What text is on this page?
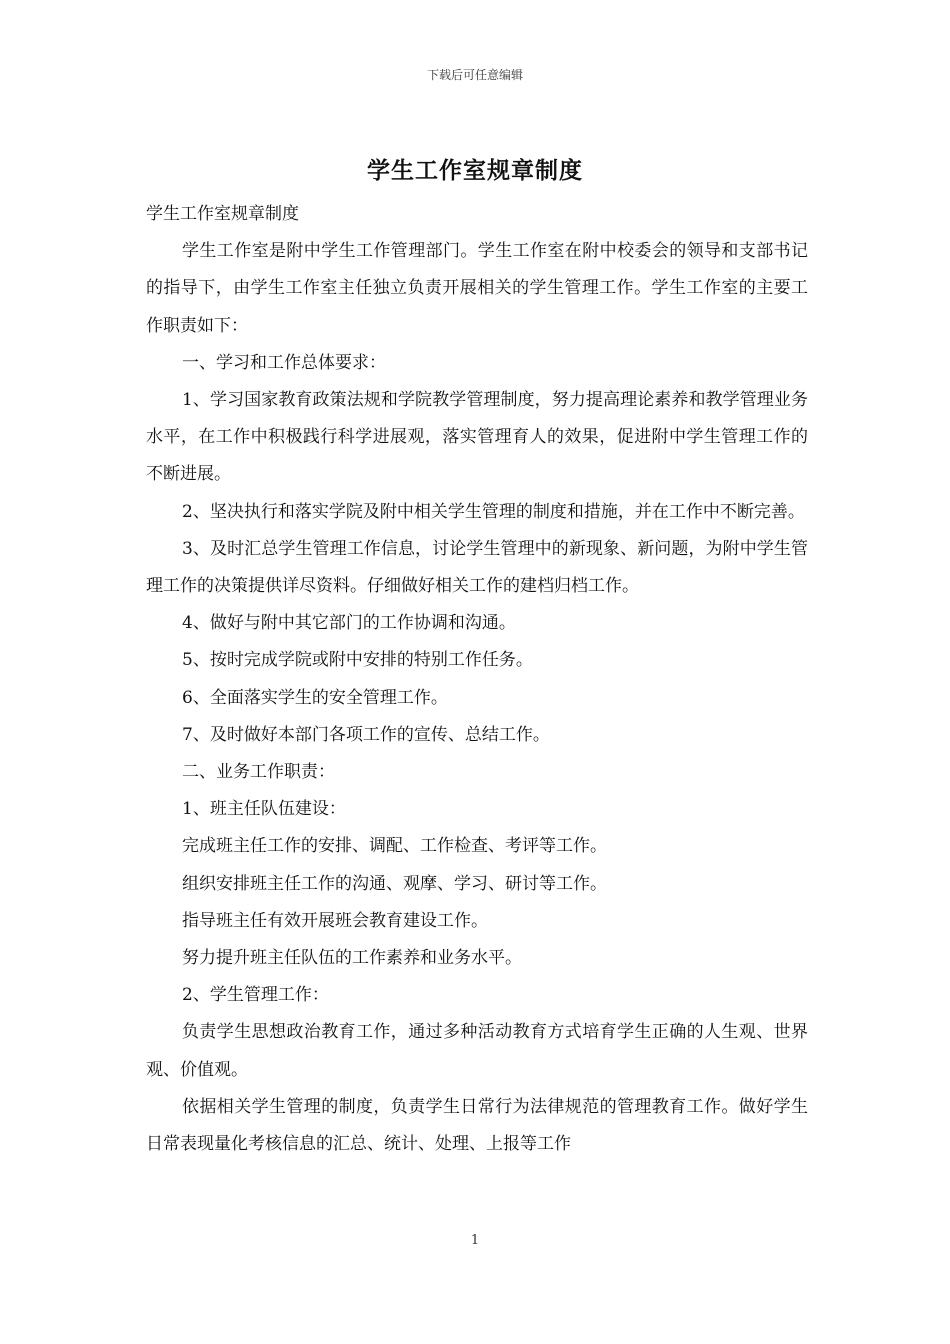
下载后可任意编辑
学生工作室规章制度

学生工作室规章制度

学生工作室是附中学生工作管理部门。学生工作室在附中校委会的领导和支部书记的指导下，由学生工作室主任独立负责开展相关的学生管理工作。学生工作室的主要工作职责如下：

一、学习和工作总体要求：

1、学习国家教育政策法规和学院教学管理制度，努力提高理论素养和教学管理业务水平，在工作中积极践行科学进展观，落实管理育人的效果，促进附中学生管理工作的不断进展。

2、坚决执行和落实学院及附中相关学生管理的制度和措施，并在工作中不断完善。

3、及时汇总学生管理工作信息，讨论学生管理中的新现象、新问题，为附中学生管理工作的决策提供详尽资料。仔细做好相关工作的建档归档工作。

4、做好与附中其它部门的工作协调和沟通。

5、按时完成学院或附中安排的特别工作任务。

6、全面落实学生的安全管理工作。

7、及时做好本部门各项工作的宣传、总结工作。

二、业务工作职责：

1、班主任队伍建设：

完成班主任工作的安排、调配、工作检查、考评等工作。

组织安排班主任工作的沟通、观摩、学习、研讨等工作。

指导班主任有效开展班会教育建设工作。

努力提升班主任队伍的工作素养和业务水平。

2、学生管理工作：

负责学生思想政治教育工作，通过多种活动教育方式培育学生正确的人生观、世界观、价值观。

依据相关学生管理的制度，负责学生日常行为法律规范的管理教育工作。做好学生日常表现量化考核信息的汇总、统计、处理、上报等工作

1
